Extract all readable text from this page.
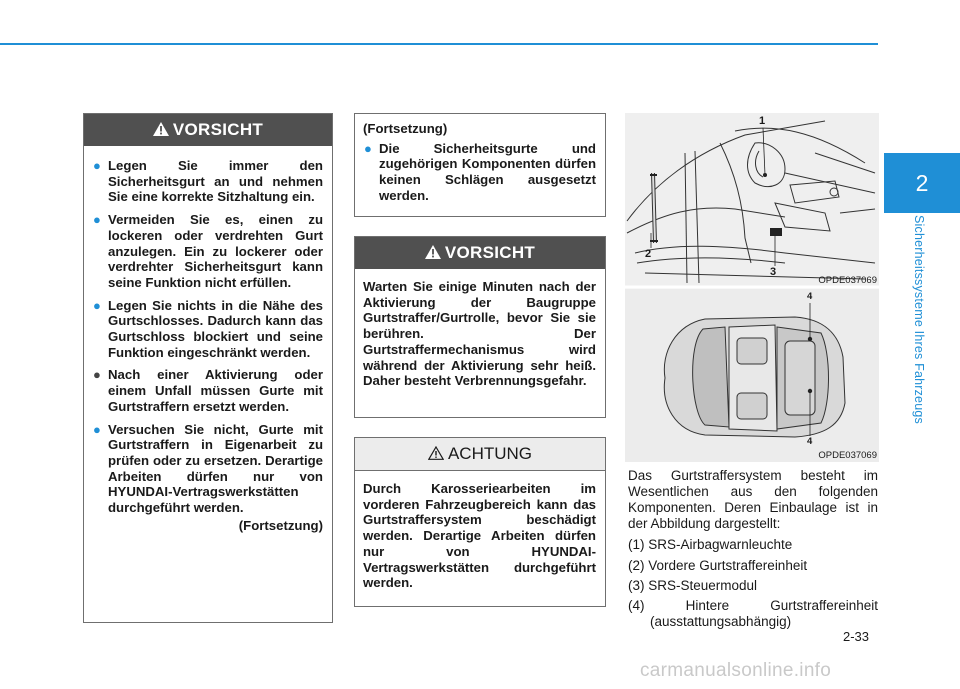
2
Sicherheitssysteme Ihres Fahrzeugs
VORSICHT
● Legen Sie immer den Sicherheitsgurt an und nehmen Sie eine korrekte Sitzhaltung ein.
● Vermeiden Sie es, einen zu lockeren oder verdrehten Gurt anzulegen. Ein zu lockerer oder verdrehter Sicherheitsgurt kann seine Funktion nicht erfüllen.
● Legen Sie nichts in die Nähe des Gurtschlosses. Dadurch kann das Gurtschloss blockiert und seine Funktion eingeschränkt werden.
● Nach einer Aktivierung oder einem Unfall müssen Gurte mit Gurtstraffern ersetzt werden.
● Versuchen Sie nicht, Gurte mit Gurtstraffern in Eigenarbeit zu prüfen oder zu ersetzen. Derartige Arbeiten dürfen nur von HYUNDAI-Vertragswerkstätten durchgeführt werden.
(Fortsetzung)
(Fortsetzung)
● Die Sicherheitsgurte und zugehörigen Komponenten dürfen keinen Schlägen ausgesetzt werden.
VORSICHT
Warten Sie einige Minuten nach der Aktivierung der Baugruppe Gurtstraffer/Gurtrolle, bevor Sie sie berühren. Der Gurtstraffermechanismus wird während der Aktivierung sehr heiß. Daher besteht Verbrennungsgefahr.
ACHTUNG
Durch Karosseriearbeiten im vorderen Fahrzeugbereich kann das Gurtstraffersystem beschädigt werden. Derartige Arbeiten dürfen nur von HYUNDAI-Vertragswerkstätten durchgeführt werden.
1
2
3
OPDE037069
4
4
OPDE037069
Das Gurtstraffersystem besteht im Wesentlichen aus den folgenden Komponenten. Deren Einbaulage ist in der Abbildung dargestellt:
(1) SRS-Airbagwarnleuchte
(2) Vordere Gurtstraffereinheit
(3) SRS-Steuermodul
(4) Hintere Gurtstraffereinheit (ausstattungsabhängig)
2-33
carmanualsonline.info
